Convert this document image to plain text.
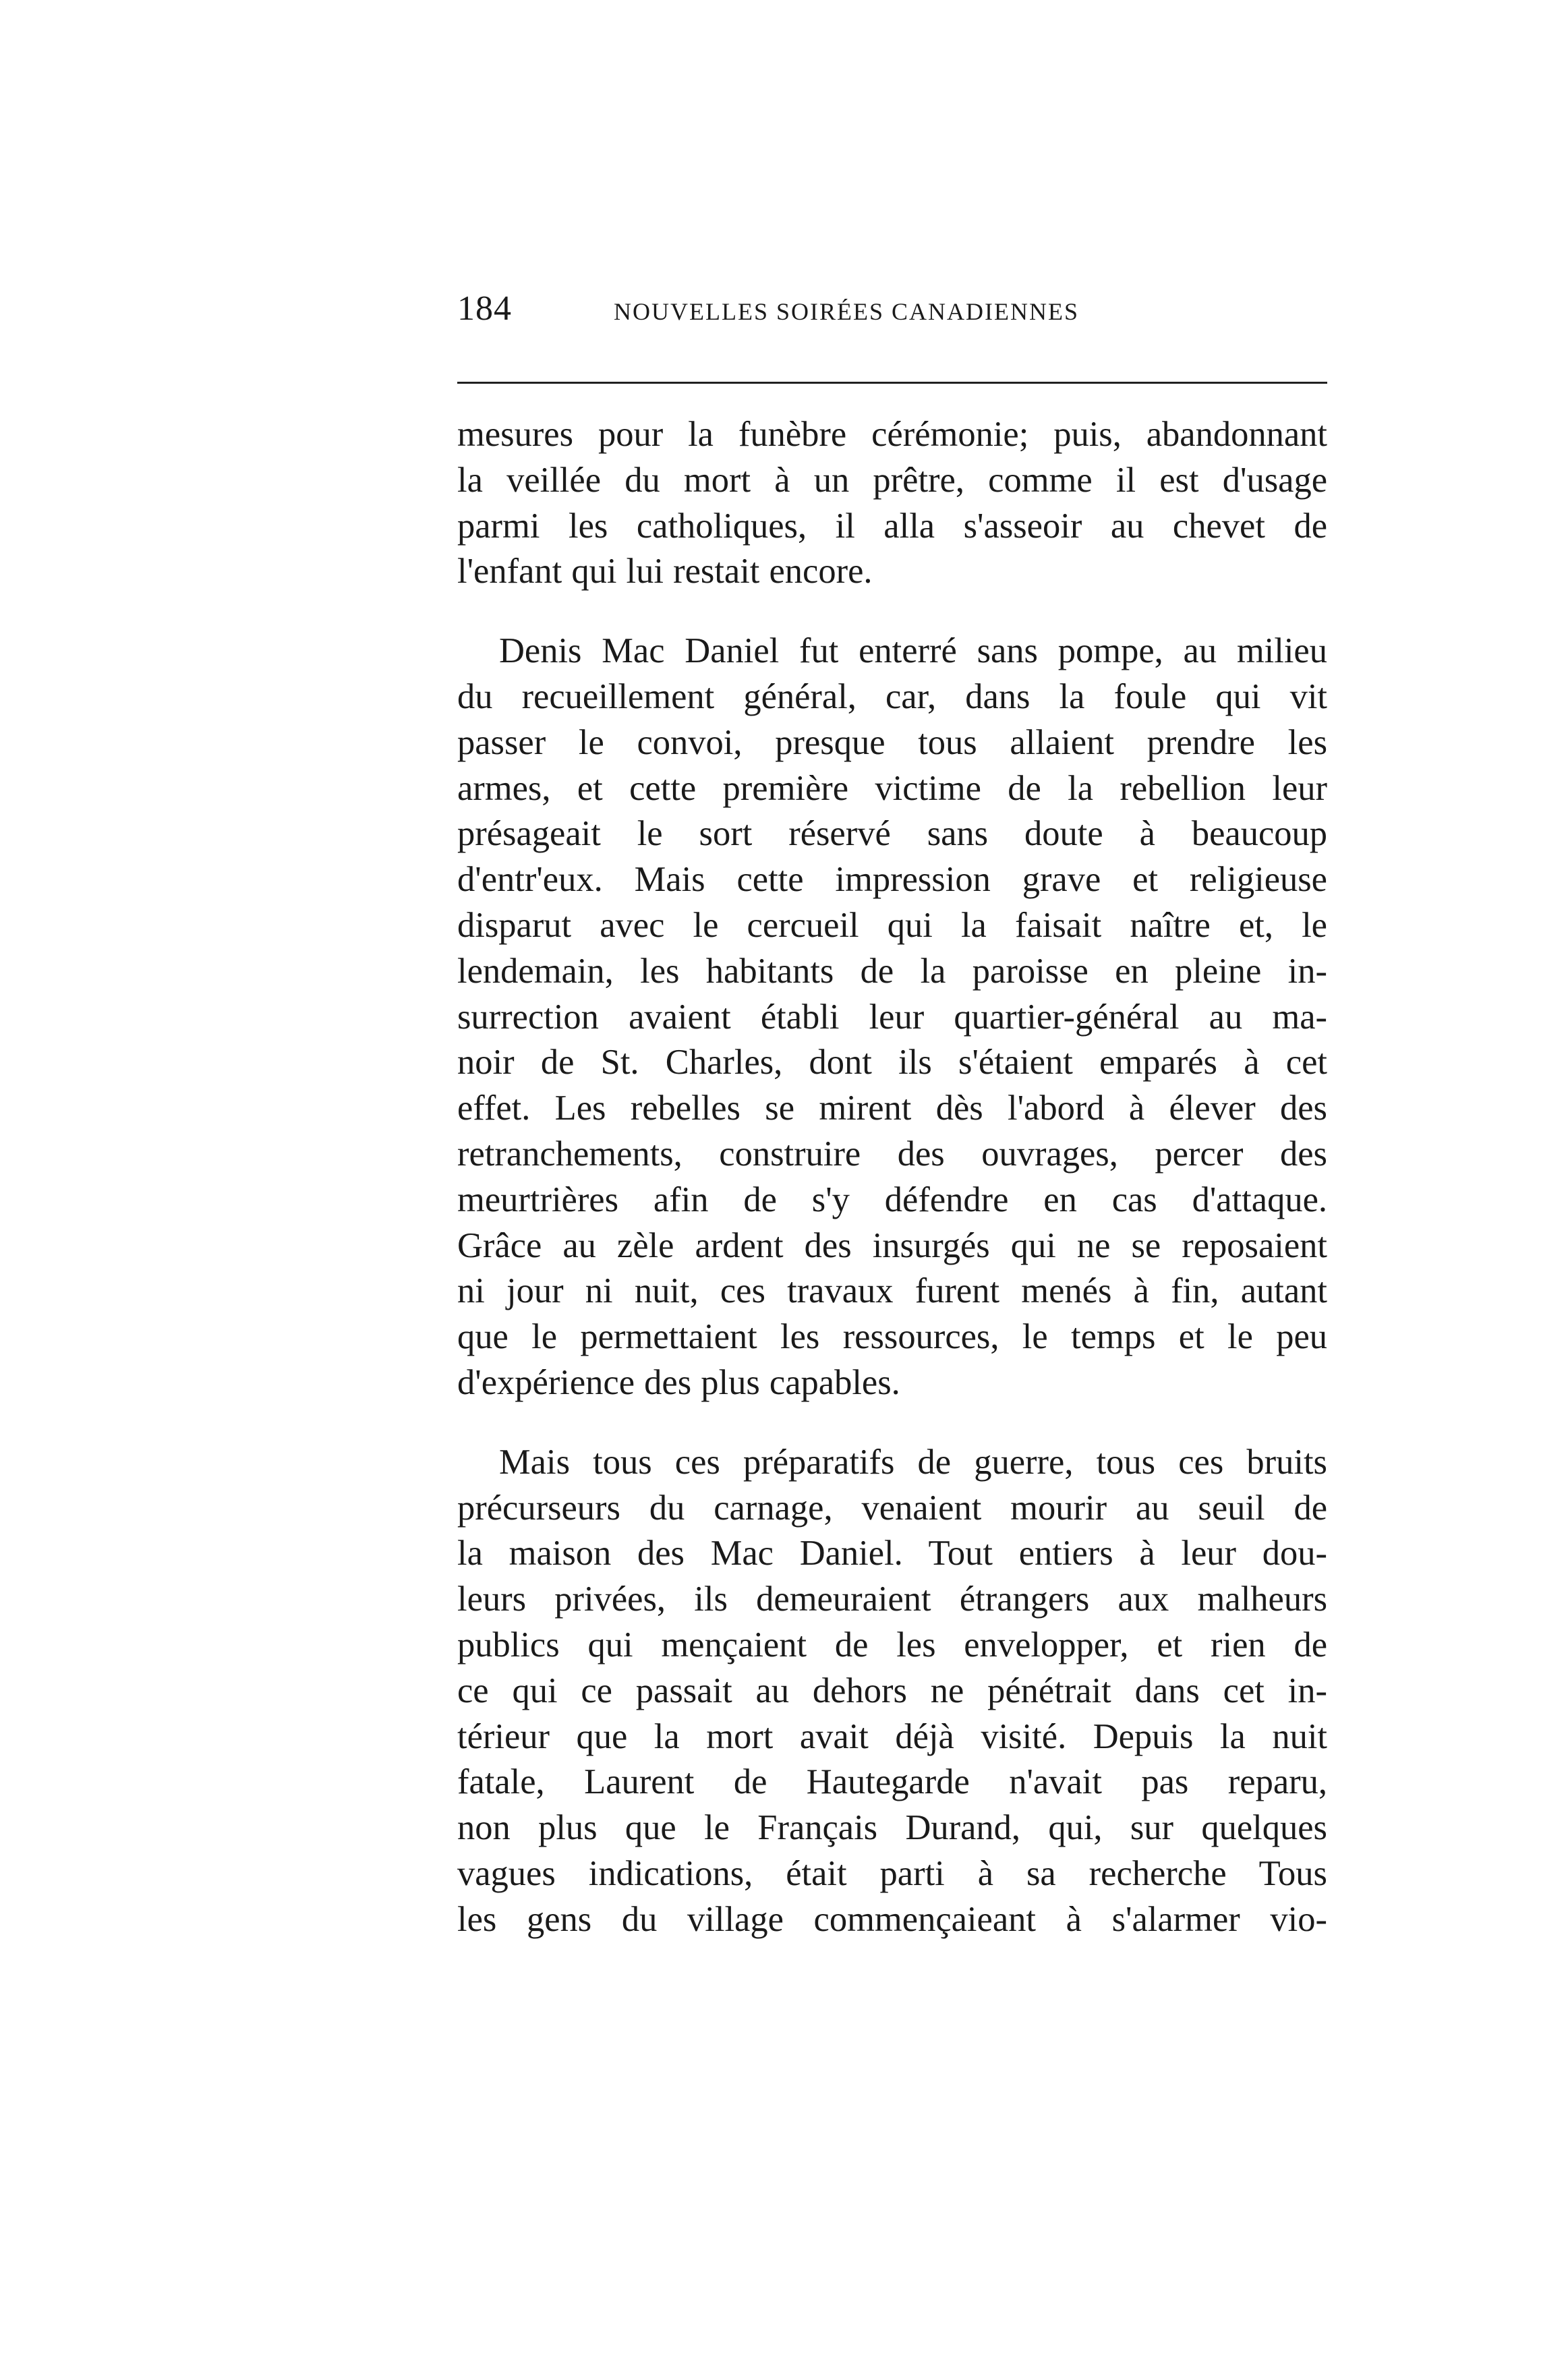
184	NOUVELLES SOIRÉES CANADIENNES
mesures pour la funèbre cérémonie; puis, abandonnant
la veillée du mort à un prêtre, comme il est d'usage
parmi les catholiques, il alla s'asseoir au chevet de
l'enfant qui lui restait encore.
Denis Mac Daniel fut enterré sans pompe, au milieu
du recueillement général, car, dans la foule qui vit
passer le convoi, presque tous allaient prendre les
armes, et cette première victime de la rebellion leur
présageait le sort réservé sans doute à beaucoup
d'entr'eux. Mais cette impression grave et religieuse
disparut avec le cercueil qui la faisait naître et, le
lendemain, les habitants de la paroisse en pleine in-
surrection avaient établi leur quartier-général au ma-
noir de St. Charles, dont ils s'étaient emparés à cet
effet. Les rebelles se mirent dès l'abord à élever des
retranchements, construire des ouvrages, percer des
meurtrières afin de s'y défendre en cas d'attaque.
Grâce au zèle ardent des insurgés qui ne se reposaient
ni jour ni nuit, ces travaux furent menés à fin, autant
que le permettaient les ressources, le temps et le peu
d'expérience des plus capables.
Mais tous ces préparatifs de guerre, tous ces bruits
précurseurs du carnage, venaient mourir au seuil de
la maison des Mac Daniel. Tout entiers à leur dou-
leurs privées, ils demeuraient étrangers aux malheurs
publics qui mençaient de les envelopper, et rien de
ce qui ce passait au dehors ne pénétrait dans cet in-
térieur que la mort avait déjà visité. Depuis la nuit
fatale, Laurent de Hautegarde n'avait pas reparu,
non plus que le Français Durand, qui, sur quelques
vagues indications, était parti à sa recherche Tous
les gens du village commençaieant à s'alarmer vio-
